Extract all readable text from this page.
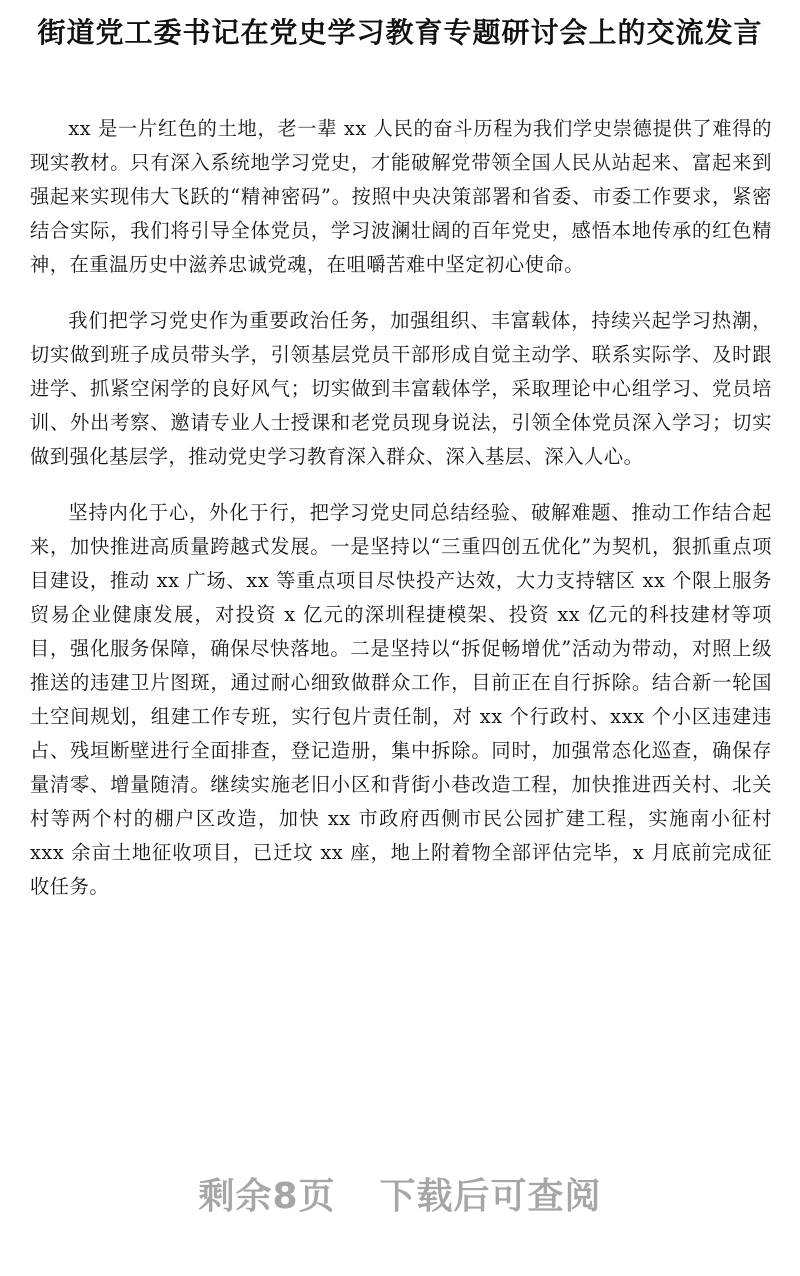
街道党工委书记在党史学习教育专题研讨会上的交流发言

xx 是一片红色的土地，老一辈 xx 人民的奋斗历程为我们学史崇德提供了难得的现实教材。只有深入系统地学习党史，才能破解党带领全国人民从站起来、富起来到强起来实现伟大飞跃的“精神密码”。按照中央决策部署和省委、市委工作要求，紧密结合实际，我们将引导全体党员，学习波澜壮阔的百年党史，感悟本地传承的红色精神，在重温历史中滋养忠诚党魂，在咀嚼苦难中坚定初心使命。

我们把学习党史作为重要政治任务，加强组织、丰富载体，持续兴起学习热潮，切实做到班子成员带头学，引领基层党员干部形成自觉主动学、联系实际学、及时跟进学、抓紧空闲学的良好风气；切实做到丰富载体学，采取理论中心组学习、党员培训、外出考察、邀请专业人士授课和老党员现身说法，引领全体党员深入学习；切实做到强化基层学，推动党史学习教育深入群众、深入基层、深入人心。

坚持内化于心，外化于行，把学习党史同总结经验、破解难题、推动工作结合起来，加快推进高质量跨越式发展。一是坚持以“三重四创五优化”为契机，狠抓重点项目建设，推动 xx 广场、xx 等重点项目尽快投产达效，大力支持辖区 xx 个限上服务贸易企业健康发展，对投资 x 亿元的深圳程捷模架、投资 xx 亿元的科技建材等项目，强化服务保障，确保尽快落地。二是坚持以“拆促畅增优”活动为带动，对照上级推送的违建卫片图斑，通过耐心细致做群众工作，目前正在自行拆除。结合新一轮国土空间规划，组建工作专班，实行包片责任制，对 xx 个行政村、xxx 个小区违建违占、残垣断壁进行全面排查，登记造册，集中拆除。同时，加强常态化巡查，确保存量清零、增量随清。继续实施老旧小区和背街小巷改造工程，加快推进西关村、北关村等两个村的棚户区改造，加快 xx 市政府西侧市民公园扩建工程，实施南小征村 xxx 余亩土地征收项目，已迁坟 xx 座，地上附着物全部评估完毕，x 月底前完成征收任务。

剩余8页 下载后可查阅
